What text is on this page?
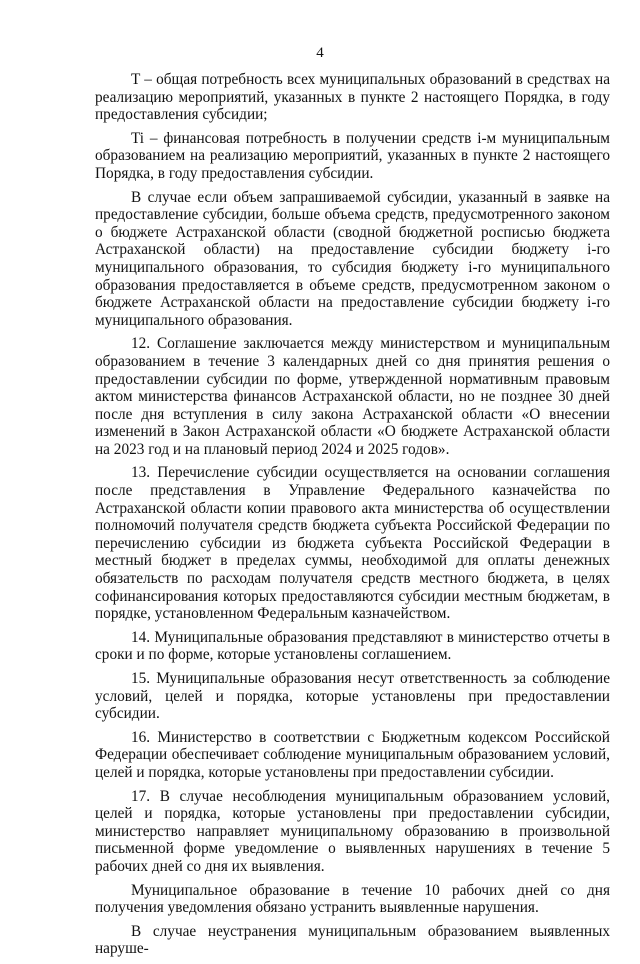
4

T – общая потребность всех муниципальных образований в средствах на реализацию мероприятий, указанных в пункте 2 настоящего Порядка, в году предоставления субсидии;

Ti – финансовая потребность в получении средств i-м муниципальным образованием на реализацию мероприятий, указанных в пункте 2 настоящего Порядка, в году предоставления субсидии.

В случае если объем запрашиваемой субсидии, указанный в заявке на предоставление субсидии, больше объема средств, предусмотренного законом о бюджете Астраханской области (сводной бюджетной росписью бюджета Астраханской области) на предоставление субсидии бюджету i-го муниципального образования, то субсидия бюджету i-го муниципального образования предоставляется в объеме средств, предусмотренном законом о бюджете Астраханской области на предоставление субсидии бюджету i-го муниципального образования.

12. Соглашение заключается между министерством и муниципальным образованием в течение 3 календарных дней со дня принятия решения о предоставлении субсидии по форме, утвержденной нормативным правовым актом министерства финансов Астраханской области, но не позднее 30 дней после дня вступления в силу закона Астраханской области «О внесении изменений в Закон Астраханской области «О бюджете Астраханской области на 2023 год и на плановый период 2024 и 2025 годов».

13. Перечисление субсидии осуществляется на основании соглашения после представления в Управление Федерального казначейства по Астраханской области копии правового акта министерства об осуществлении полномочий получателя средств бюджета субъекта Российской Федерации по перечислению субсидии из бюджета субъекта Российской Федерации в местный бюджет в пределах суммы, необходимой для оплаты денежных обязательств по расходам получателя средств местного бюджета, в целях софинансирования которых предоставляются субсидии местным бюджетам, в порядке, установленном Федеральным казначейством.

14. Муниципальные образования представляют в министерство отчеты в сроки и по форме, которые установлены соглашением.

15. Муниципальные образования несут ответственность за соблюдение условий, целей и порядка, которые установлены при предоставлении субсидии.

16. Министерство в соответствии с Бюджетным кодексом Российской Федерации обеспечивает соблюдение муниципальным образованием условий, целей и порядка, которые установлены при предоставлении субсидии.

17. В случае несоблюдения муниципальным образованием условий, целей и порядка, которые установлены при предоставлении субсидии, министерство направляет муниципальному образованию в произвольной письменной форме уведомление о выявленных нарушениях в течение 5 рабочих дней со дня их выявления.

Муниципальное образование в течение 10 рабочих дней со дня получения уведомления обязано устранить выявленные нарушения.

В случае неустранения муниципальным образованием выявленных наруше-
